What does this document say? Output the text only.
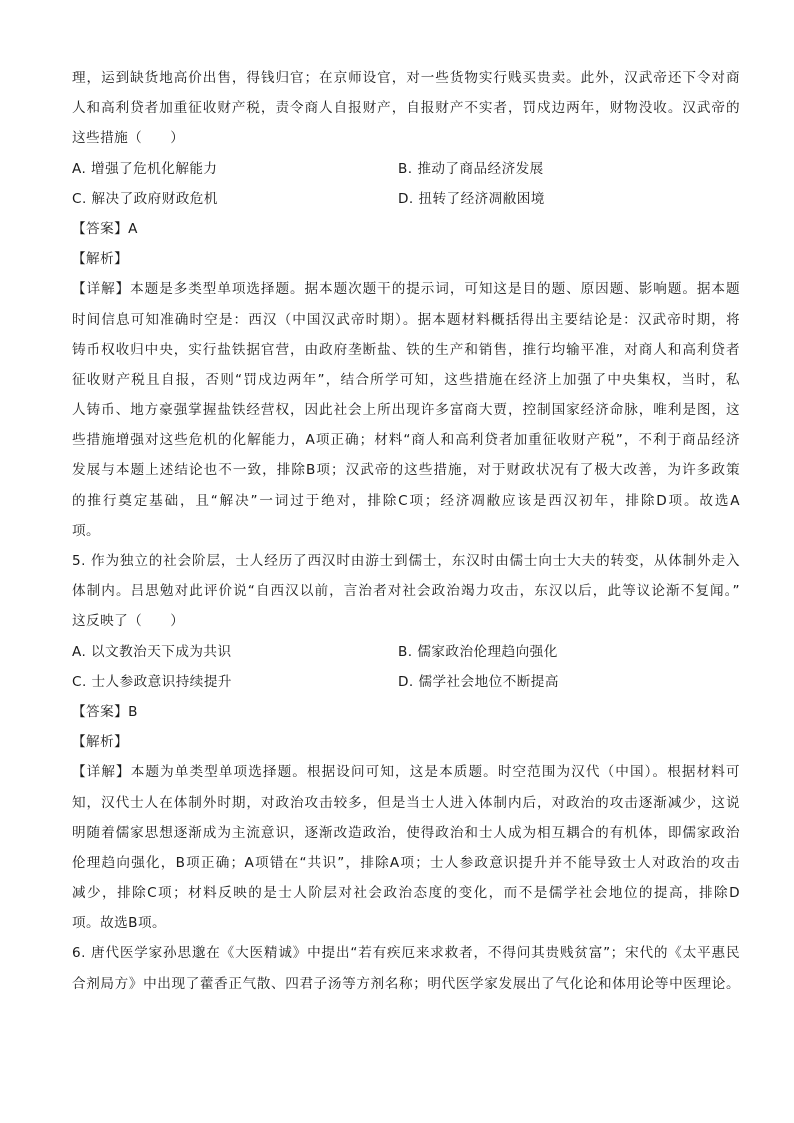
理，运到缺货地高价出售，得钱归官；在京师设官，对一些货物实行贱买贵卖。此外，汉武帝还下令对商
人和高利贷者加重征收财产税，责令商人自报财产，自报财产不实者，罚戍边两年，财物没收。汉武帝的
这些措施（　　）
A. 增强了危机化解能力	B. 推动了商品经济发展
C. 解决了政府财政危机	D. 扭转了经济凋敝困境
【答案】A
【解析】
【详解】本题是多类型单项选择题。据本题次题干的提示词，可知这是目的题、原因题、影响题。据本题
时间信息可知准确时空是：西汉（中国汉武帝时期）。据本题材料概括得出主要结论是：汉武帝时期，将
铸币权收归中央，实行盐铁据官营，由政府垄断盐、铁的生产和销售，推行均输平准，对商人和高利贷者
征收财产税且自报，否则“罚戍边两年”，结合所学可知，这些措施在经济上加强了中央集权，当时，私
人铸币、地方豪强掌握盐铁经营权，因此社会上所出现许多富商大贾，控制国家经济命脉，唯利是图，这
些措施增强对这些危机的化解能力，A项正确；材料“商人和高利贷者加重征收财产税”，不利于商品经济
发展与本题上述结论也不一致，排除B项；汉武帝的这些措施，对于财政状况有了极大改善，为许多政策
的推行奠定基础，且“解决”一词过于绝对，排除C项；经济凋敝应该是西汉初年，排除D项。故选A
项。
5. 作为独立的社会阶层，士人经历了西汉时由游士到儒士，东汉时由儒士向士大夫的转变，从体制外走入
体制内。吕思勉对此评价说“自西汉以前，言治者对社会政治竭力攻击，东汉以后，此等议论渐不复闻。”
这反映了（　　）
A. 以文教治天下成为共识	B. 儒家政治伦理趋向强化
C. 士人参政意识持续提升	D. 儒学社会地位不断提高
【答案】B
【解析】
【详解】本题为单类型单项选择题。根据设问可知，这是本质题。时空范围为汉代（中国）。根据材料可
知，汉代士人在体制外时期，对政治攻击较多，但是当士人进入体制内后，对政治的攻击逐渐减少，这说
明随着儒家思想逐渐成为主流意识，逐渐改造政治，使得政治和士人成为相互耦合的有机体，即儒家政治
伦理趋向强化，B项正确；A项错在“共识”，排除A项；士人参政意识提升并不能导致士人对政治的攻击
减少，排除C项；材料反映的是士人阶层对社会政治态度的变化，而不是儒学社会地位的提高，排除D
项。故选B项。
6. 唐代医学家孙思邈在《大医精诚》中提出“若有疾厄来求救者，不得问其贵贱贫富”；宋代的《太平惠民
合剂局方》中出现了藿香正气散、四君子汤等方剂名称；明代医学家发展出了气化论和体用论等中医理论。
